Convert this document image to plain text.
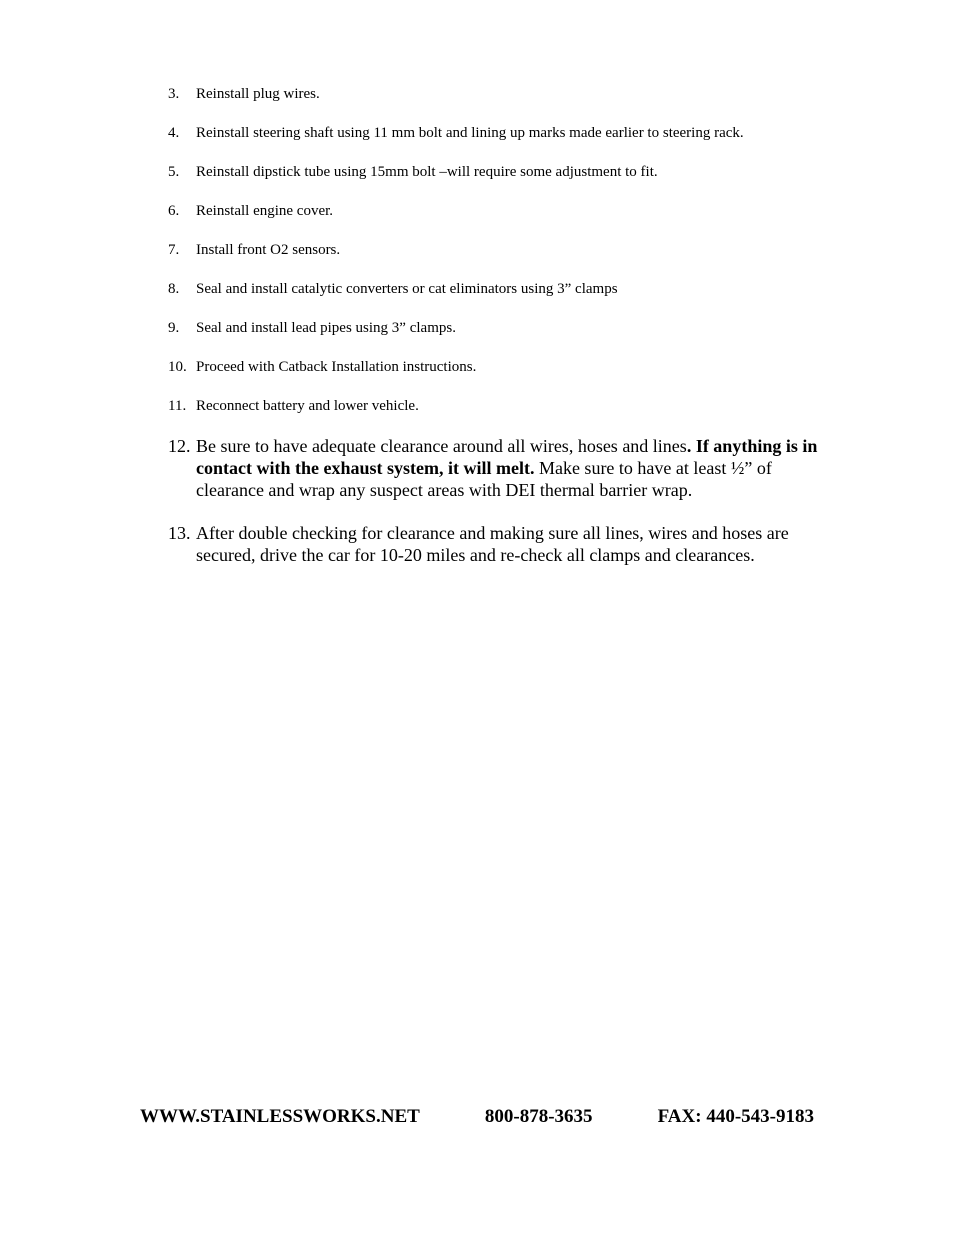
3.	Reinstall plug wires.
4.	Reinstall steering shaft using 11 mm bolt and lining up marks made earlier to steering rack.
5.	Reinstall dipstick tube using 15mm bolt –will require some adjustment to fit.
6.	Reinstall engine cover.
7.	Install front O2 sensors.
8.	Seal and install catalytic converters or cat eliminators using 3” clamps
9.	Seal and install lead pipes using 3” clamps.
10. Proceed with Catback Installation instructions.
11. Reconnect battery and lower vehicle.
12. Be sure to have adequate clearance around all wires, hoses and lines. If anything is in contact with the exhaust system, it will melt. Make sure to have at least ½” of clearance and wrap any suspect areas with DEI thermal barrier wrap.
13. After double checking for clearance and making sure all lines, wires and hoses are secured, drive the car for 10-20 miles and re-check all clamps and clearances.
WWW.STAINLESSWORKS.NET	800-878-3635	FAX: 440-543-9183
